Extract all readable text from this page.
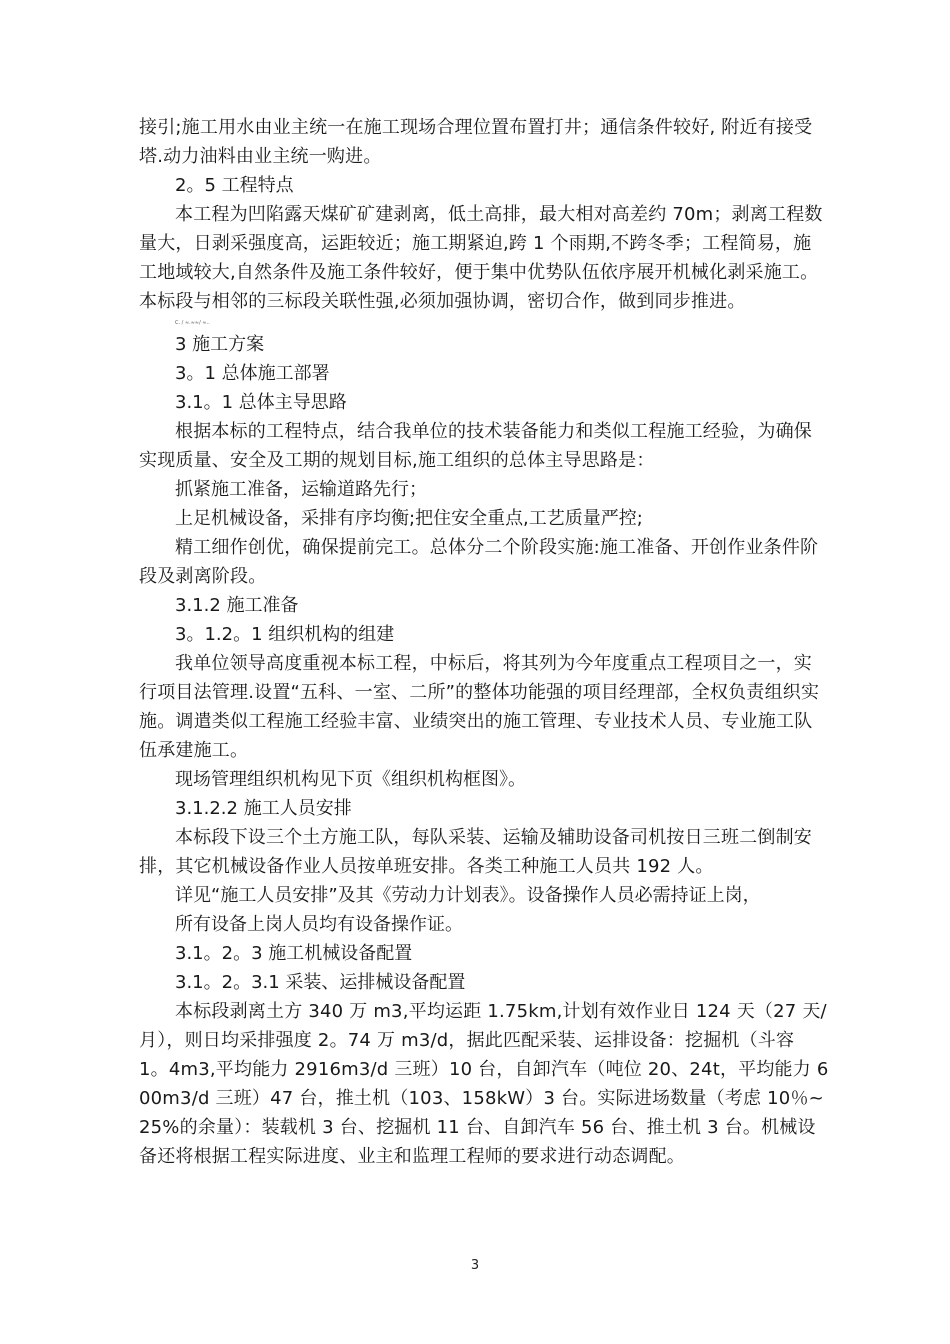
接引;施工用水由业主统一在施工现场合理位置布置打井；通信条件较好, 附近有接受塔.动力油料由业主统一购进。

2。5 工程特点

本工程为凹陷露天煤矿矿建剥离，低土高排，最大相对高差约 70m；剥离工程数量大，日剥采强度高，运距较近；施工期紧迫,跨 1 个雨期,不跨冬季；工程简易，施工地域较大,自然条件及施工条件较好，便于集中优势队伍依序展开机械化剥采施工。本标段与相邻的三标段关联性强,必须加强协调，密切合作，做到同步推进。

C. / ≈.≈≈/ ≈..

3 施工方案

3。1 总体施工部署

3.1。1 总体主导思路

根据本标的工程特点，结合我单位的技术装备能力和类似工程施工经验，为确保实现质量、安全及工期的规划目标,施工组织的总体主导思路是：

抓紧施工准备，运输道路先行；

上足机械设备，采排有序均衡;把住安全重点,工艺质量严控;

精工细作创优，确保提前完工。总体分二个阶段实施:施工准备、开创作业条件阶段及剥离阶段。

3.1.2 施工准备

3。1.2。1 组织机构的组建

我单位领导高度重视本标工程，中标后，将其列为今年度重点工程项目之一，实行项目法管理.设置“五科、一室、二所”的整体功能强的项目经理部，全权负责组织实施。调遣类似工程施工经验丰富、业绩突出的施工管理、专业技术人员、专业施工队伍承建施工。

现场管理组织机构见下页《组织机构框图》。

3.1.2.2 施工人员安排

本标段下设三个土方施工队，每队采装、运输及辅助设备司机按日三班二倒制安排，其它机械设备作业人员按单班安排。各类工种施工人员共 192 人。

详见“施工人员安排”及其《劳动力计划表》。设备操作人员必需持证上岗，

所有设备上岗人员均有设备操作证。

3.1。2。3 施工机械设备配置

3.1。2。3.1 采装、运排械设备配置

本标段剥离土方 340 万 m3,平均运距 1.75km,计划有效作业日 124 天（27 天/月），则日均采排强度 2。74 万 m3/d，据此匹配采装、运排设备：挖掘机（斗容 1。4m3,平均能力 2916m3/d 三班）10 台，自卸汽车（吨位 20、24t，平均能力 600m3/d 三班）47 台，推土机（103、158kW）3 台。实际进场数量（考虑 10％~25%的余量）：装载机 3 台、挖掘机 11 台、自卸汽车 56 台、推土机 3 台。机械设备还将根据工程实际进度、业主和监理工程师的要求进行动态调配。

3
